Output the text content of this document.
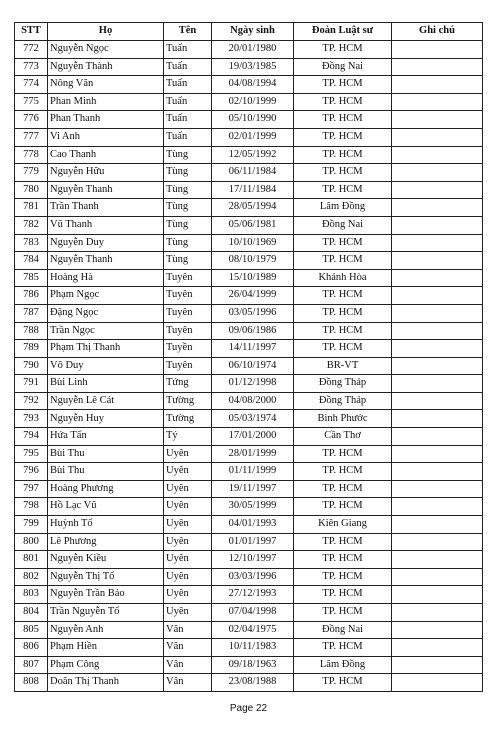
STT	Họ	Tên	Ngày sinh	Đoàn Luật sư	Ghi chú
772	Nguyễn Ngọc	Tuấn	20/01/1980	TP. HCM	
773	Nguyễn Thành	Tuấn	19/03/1985	Đồng Nai	
774	Nông Văn	Tuấn	04/08/1994	TP. HCM	
775	Phan Minh	Tuấn	02/10/1999	TP. HCM	
776	Phan Thanh	Tuấn	05/10/1990	TP. HCM	
777	Vi Anh	Tuấn	02/01/1999	TP. HCM	
778	Cao Thanh	Tùng	12/05/1992	TP. HCM	
779	Nguyễn Hữu	Tùng	06/11/1984	TP. HCM	
780	Nguyễn Thanh	Tùng	17/11/1984	TP. HCM	
781	Trần Thanh	Tùng	28/05/1994	Lâm Đồng	
782	Vũ Thanh	Tùng	05/06/1981	Đồng Nai	
783	Nguyễn Duy	Tùng	10/10/1969	TP. HCM	
784	Nguyễn Thanh	Tùng	08/10/1979	TP. HCM	
785	Hoàng Hà	Tuyên	15/10/1989	Khánh Hòa	
786	Phạm Ngọc	Tuyên	26/04/1999	TP. HCM	
787	Đặng Ngọc	Tuyên	03/05/1996	TP. HCM	
788	Trần Ngọc	Tuyên	09/06/1986	TP. HCM	
789	Phạm Thị Thanh	Tuyền	14/11/1997	TP. HCM	
790	Võ Duy	Tuyên	06/10/1974	BR-VT	
791	Bùi Linh	Tứng	01/12/1998	Đồng Tháp	
792	Nguyễn Lê Cát	Tường	04/08/2000	Đồng Tháp	
793	Nguyễn Huy	Tường	05/03/1974	Bình Phước	
794	Hứa Tấn	Tý	17/01/2000	Cần Thơ	
795	Bùi Thu	Uyên	28/01/1999	TP. HCM	
796	Bùi Thu	Uyên	01/11/1999	TP. HCM	
797	Hoàng Phương	Uyên	19/11/1997	TP. HCM	
798	Hồ Lạc Vũ	Uyên	30/05/1999	TP. HCM	
799	Huỳnh Tố	Uyên	04/01/1993	Kiên Giang	
800	Lê Phương	Uyên	01/01/1997	TP. HCM	
801	Nguyễn Kiều	Uyên	12/10/1997	TP. HCM	
802	Nguyễn Thị Tố	Uyên	03/03/1996	TP. HCM	
803	Nguyễn Trần Bảo	Uyên	27/12/1993	TP. HCM	
804	Trần Nguyễn Tố	Uyên	07/04/1998	TP. HCM	
805	Nguyễn Anh	Văn	02/04/1975	Đồng Nai	
806	Phạm Hiền	Văn	10/11/1983	TP. HCM	
807	Phạm Công	Vân	09/18/1963	Lâm Đồng	
808	Doãn Thị Thanh	Vân	23/08/1988	TP. HCM	
Page 22
